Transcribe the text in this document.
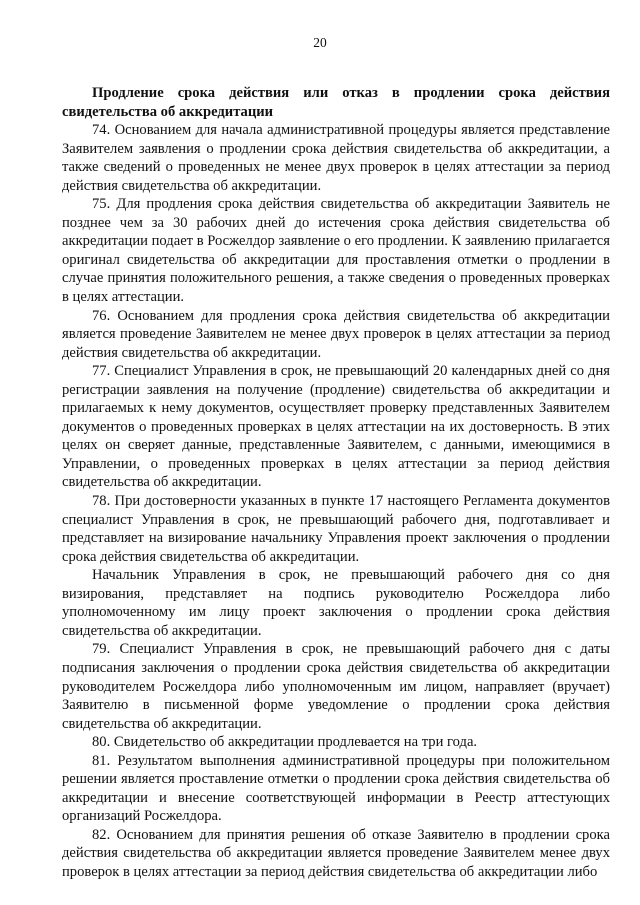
20

Продление срока действия или отказ в продлении срока действия свидетельства об аккредитации

74. Основанием для начала административной процедуры является представление Заявителем заявления о продлении срока действия свидетельства об аккредитации, а также сведений о проведенных не менее двух проверок в целях аттестации за период действия свидетельства об аккредитации.

75. Для продления срока действия свидетельства об аккредитации Заявитель не позднее чем за 30 рабочих дней до истечения срока действия свидетельства об аккредитации подает в Росжелдор заявление о его продлении. К заявлению прилагается оригинал свидетельства об аккредитации для проставления отметки о продлении в случае принятия положительного решения, а также сведения о проведенных проверках в целях аттестации.

76. Основанием для продления срока действия свидетельства об аккредитации является проведение Заявителем не менее двух проверок в целях аттестации за период действия свидетельства об аккредитации.

77. Специалист Управления в срок, не превышающий 20 календарных дней со дня регистрации заявления на получение (продление) свидетельства об аккредитации и прилагаемых к нему документов, осуществляет проверку представленных Заявителем документов о проведенных проверках в целях аттестации на их достоверность. В этих целях он сверяет данные, представленные Заявителем, с данными, имеющимися в Управлении, о проведенных проверках в целях аттестации за период действия свидетельства об аккредитации.

78. При достоверности указанных в пункте 17 настоящего Регламента документов специалист Управления в срок, не превышающий рабочего дня, подготавливает и представляет на визирование начальнику Управления проект заключения о продлении срока действия свидетельства об аккредитации.

Начальник Управления в срок, не превышающий рабочего дня со дня визирования, представляет на подпись руководителю Росжелдора либо уполномоченному им лицу проект заключения о продлении срока действия свидетельства об аккредитации.

79. Специалист Управления в срок, не превышающий рабочего дня с даты подписания заключения о продлении срока действия свидетельства об аккредитации руководителем Росжелдора либо уполномоченным им лицом, направляет (вручает) Заявителю в письменной форме уведомление о продлении срока действия свидетельства об аккредитации.

80. Свидетельство об аккредитации продлевается на три года.

81. Результатом выполнения административной процедуры при положительном решении является проставление отметки о продлении срока действия свидетельства об аккредитации и внесение соответствующей информации в Реестр аттестующих организаций Росжелдора.

82. Основанием для принятия решения об отказе Заявителю в продлении срока действия свидетельства об аккредитации является проведение Заявителем менее двух проверок в целях аттестации за период действия свидетельства об аккредитации либо
